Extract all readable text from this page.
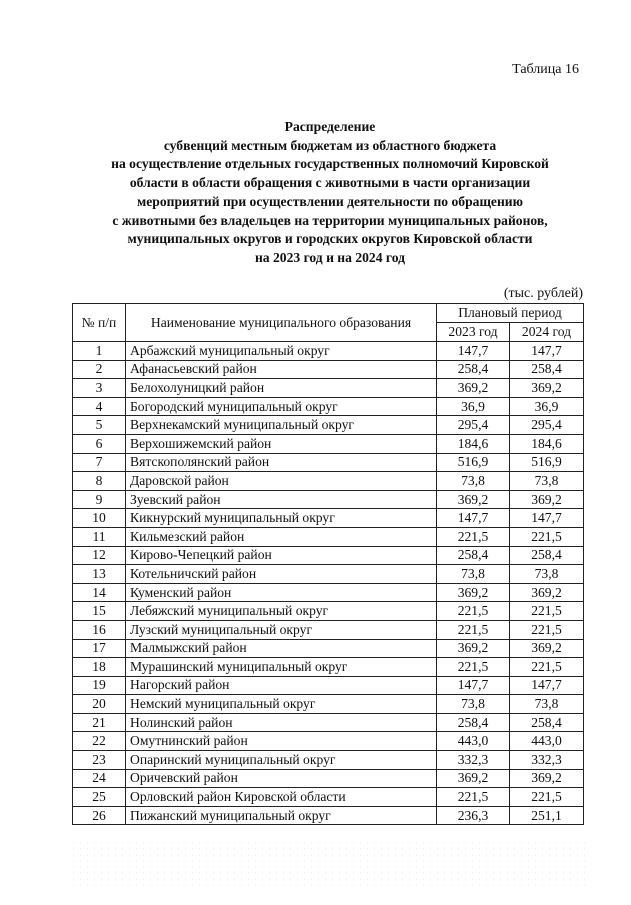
Таблица 16
Распределение
субвенций местным бюджетам из областного бюджета
на осуществление отдельных государственных полномочий Кировской
области в области обращения с животными в части организации
мероприятий при осуществлении деятельности по обращению
с животными без владельцев на территории муниципальных районов,
муниципальных округов и городских округов Кировской области
на 2023 год и на 2024 год
(тыс. рублей)
№ п/п	Наименование муниципального образования	Плановый период	
		2023 год	2024 год
1	Арбажский муниципальный округ	147,7	147,7
2	Афанасьевский район	258,4	258,4
3	Белохолуницкий район	369,2	369,2
4	Богородский муниципальный округ	36,9	36,9
5	Верхнекамский муниципальный округ	295,4	295,4
6	Верхошижемский район	184,6	184,6
7	Вятскополянский район	516,9	516,9
8	Даровской район	73,8	73,8
9	Зуевский район	369,2	369,2
10	Кикнурский муниципальный округ	147,7	147,7
11	Кильмезский район	221,5	221,5
12	Кирово-Чепецкий район	258,4	258,4
13	Котельничский район	73,8	73,8
14	Куменский район	369,2	369,2
15	Лебяжский муниципальный округ	221,5	221,5
16	Лузский муниципальный округ	221,5	221,5
17	Малмыжский район	369,2	369,2
18	Мурашинский муниципальный округ	221,5	221,5
19	Нагорский район	147,7	147,7
20	Немский муниципальный округ	73,8	73,8
21	Нолинский район	258,4	258,4
22	Омутнинский район	443,0	443,0
23	Опаринский муниципальный округ	332,3	332,3
24	Оричевский район	369,2	369,2
25	Орловский район Кировской области	221,5	221,5
26	Пижанский муниципальный округ	236,3	251,1
